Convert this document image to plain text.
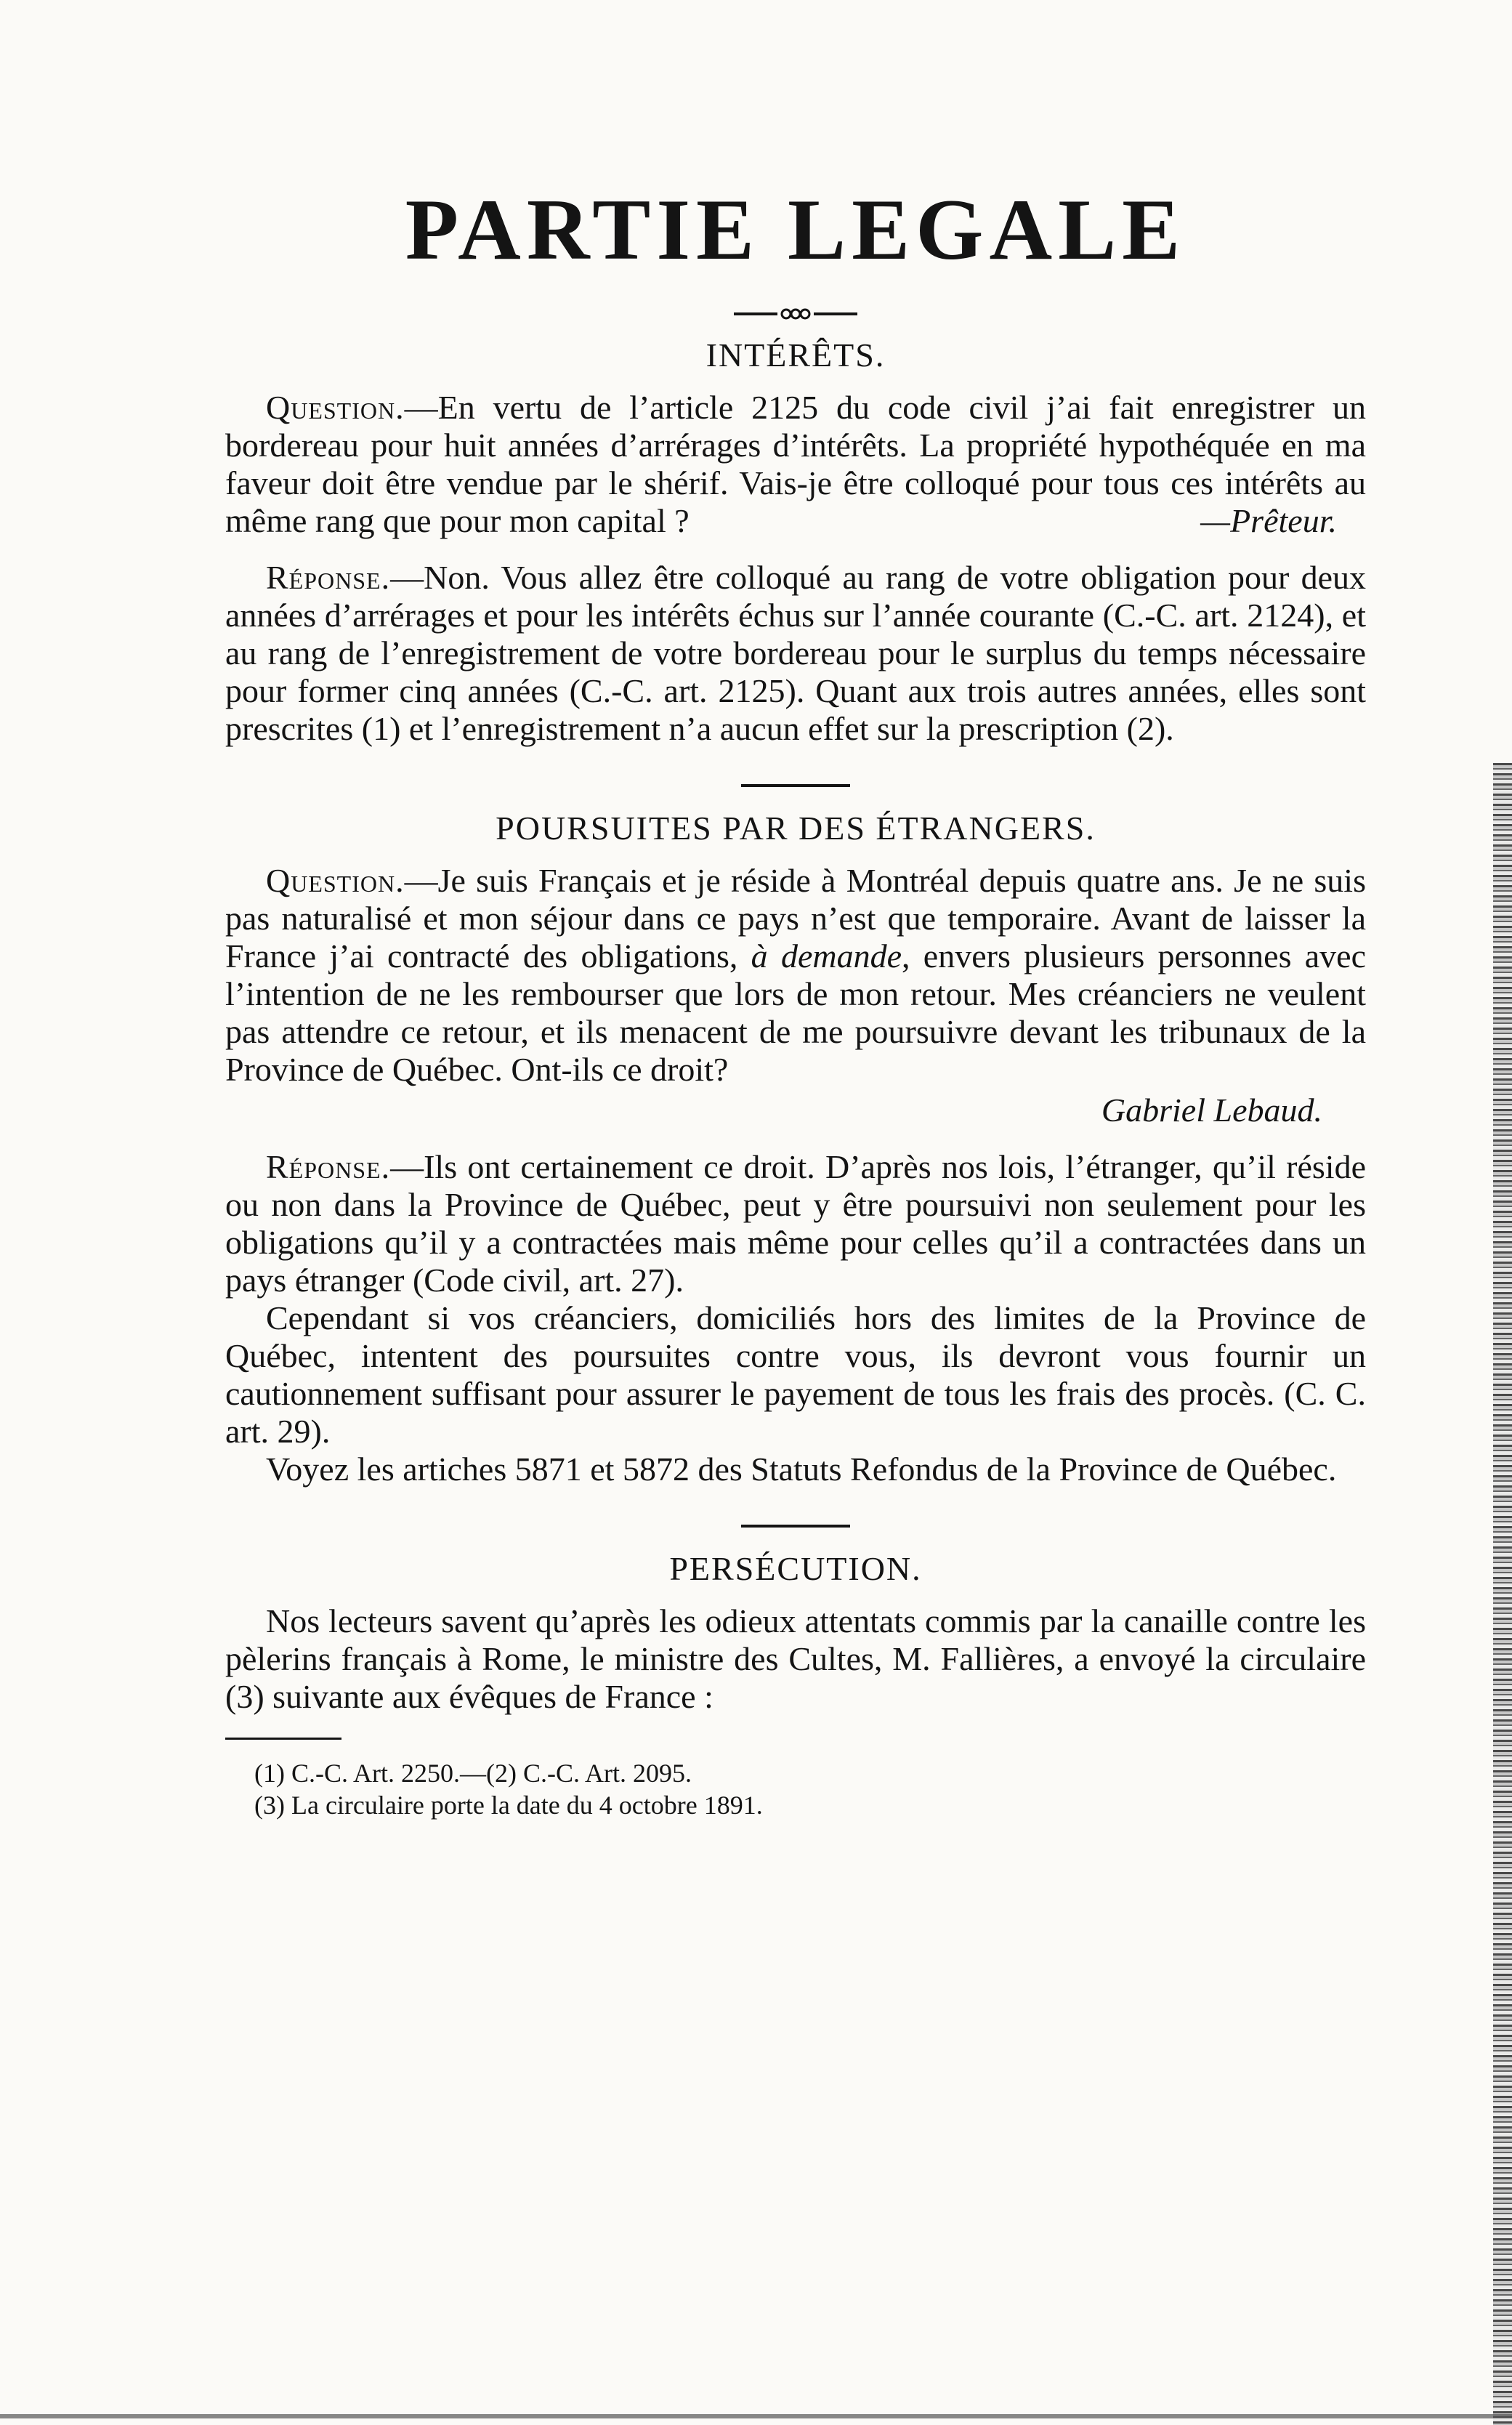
PARTIE LEGALE
INTÉRÊTS.

Question.—En vertu de l’article 2125 du code civil j’ai fait enregistrer un bordereau pour huit années d’arrérages d’intérêts. La propriété hypothéquée en ma faveur doit être vendue par le shérif. Vais-je être colloqué pour tous ces intérêts au même rang que pour mon capital ?	—Prêteur.

Réponse.—Non. Vous allez être colloqué au rang de votre obligation pour deux années d’arrérages et pour les intérêts échus sur l’année courante (C.-C. art. 2124), et au rang de l’enregistrement de votre bordereau pour le surplus du temps nécessaire pour former cinq années (C.-C. art. 2125). Quant aux trois autres années, elles sont prescrites (1) et l’enregistrement n’a aucun effet sur la prescription (2).

POURSUITES PAR DES ÉTRANGERS.

Question.—Je suis Français et je réside à Montréal depuis quatre ans. Je ne suis pas naturalisé et mon séjour dans ce pays n’est que temporaire. Avant de laisser la France j’ai contracté des obligations, à demande, envers plusieurs personnes avec l’intention de ne les rembourser que lors de mon retour. Mes créanciers ne veulent pas attendre ce retour, et ils menacent de me poursuivre devant les tribunaux de la Province de Québec. Ont-ils ce droit?

Gabriel Lebaud.

Réponse.—Ils ont certainement ce droit. D’après nos lois, l’étranger, qu’il réside ou non dans la Province de Québec, peut y être poursuivi non seulement pour les obligations qu’il y a contractées mais même pour celles qu’il a contractées dans un pays étranger (Code civil, art. 27).

Cependant si vos créanciers, domiciliés hors des limites de la Province de Québec, intentent des poursuites contre vous, ils devront vous fournir un cautionnement suffisant pour assurer le payement de tous les frais des procès. (C. C. art. 29).

Voyez les artiches 5871 et 5872 des Statuts Refondus de la Province de Québec.

PERSÉCUTION.

Nos lecteurs savent qu’après les odieux attentats commis par la canaille contre les pèlerins français à Rome, le ministre des Cultes, M. Fallières, a envoyé la circulaire (3) suivante aux évêques de France :

(1) C.-C. Art. 2250.—(2) C.-C. Art. 2095.

(3) La circulaire porte la date du 4 octobre 1891.
